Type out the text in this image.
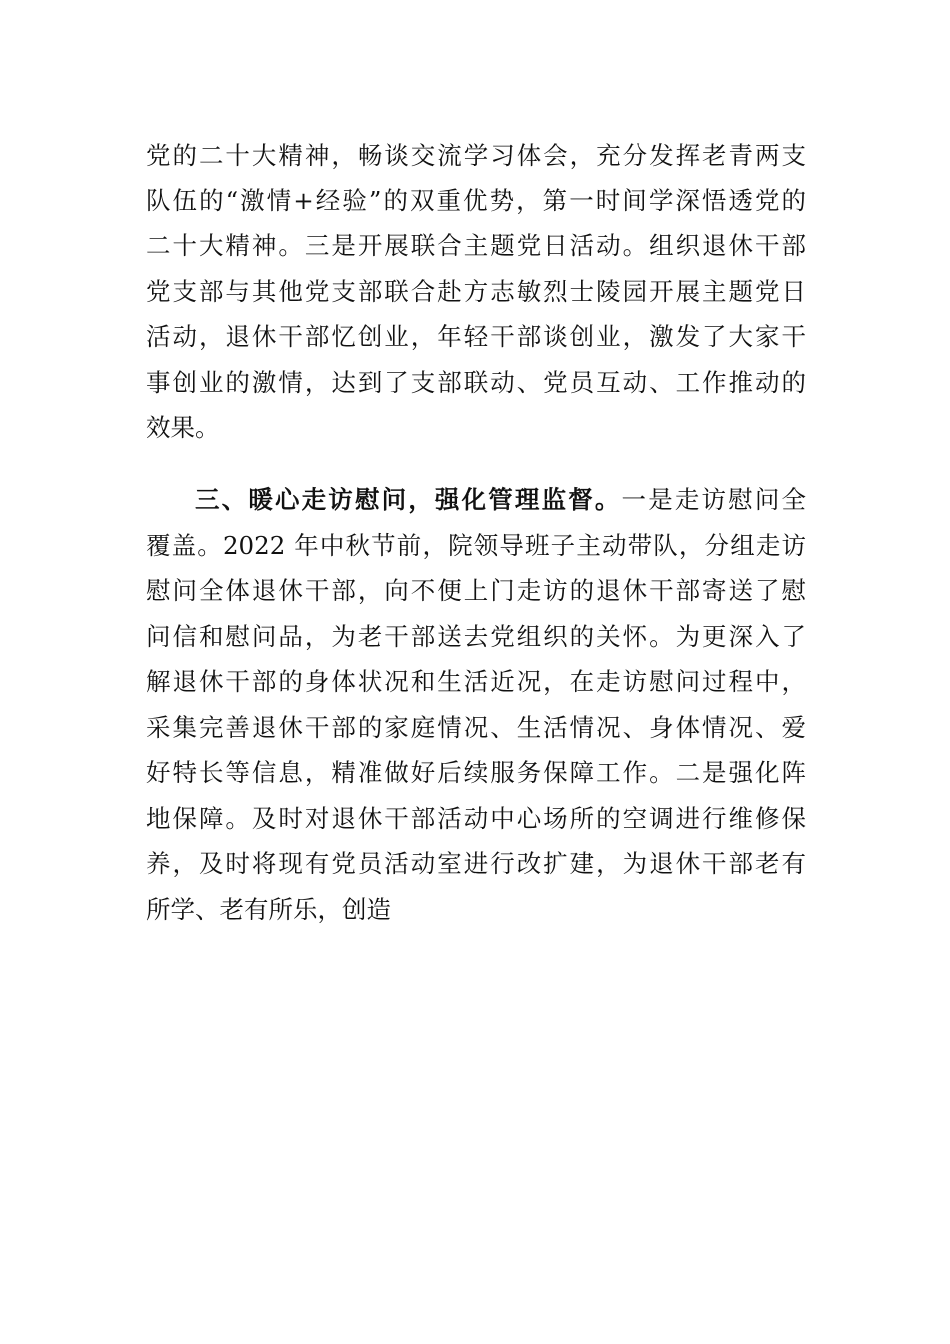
党的二十大精神，畅谈交流学习体会，充分发挥老青两支
队伍的“激情+经验”的双重优势，第一时间学深悟透党的
二十大精神。三是开展联合主题党日活动。组织退休干部
党支部与其他党支部联合赴方志敏烈士陵园开展主题党日
活动，退休干部忆创业，年轻干部谈创业，激发了大家干
事创业的激情，达到了支部联动、党员互动、工作推动的
效果。
三、暖心走访慰问，强化管理监督。一是走访慰问全
覆盖。2022 年中秋节前，院领导班子主动带队，分组走访
慰问全体退休干部，向不便上门走访的退休干部寄送了慰
问信和慰问品，为老干部送去党组织的关怀。为更深入了
解退休干部的身体状况和生活近况，在走访慰问过程中，
采集完善退休干部的家庭情况、生活情况、身体情况、爱
好特长等信息，精准做好后续服务保障工作。二是强化阵
地保障。及时对退休干部活动中心场所的空调进行维修保
养，及时将现有党员活动室进行改扩建，为退休干部老有
所学、老有所乐，创造
